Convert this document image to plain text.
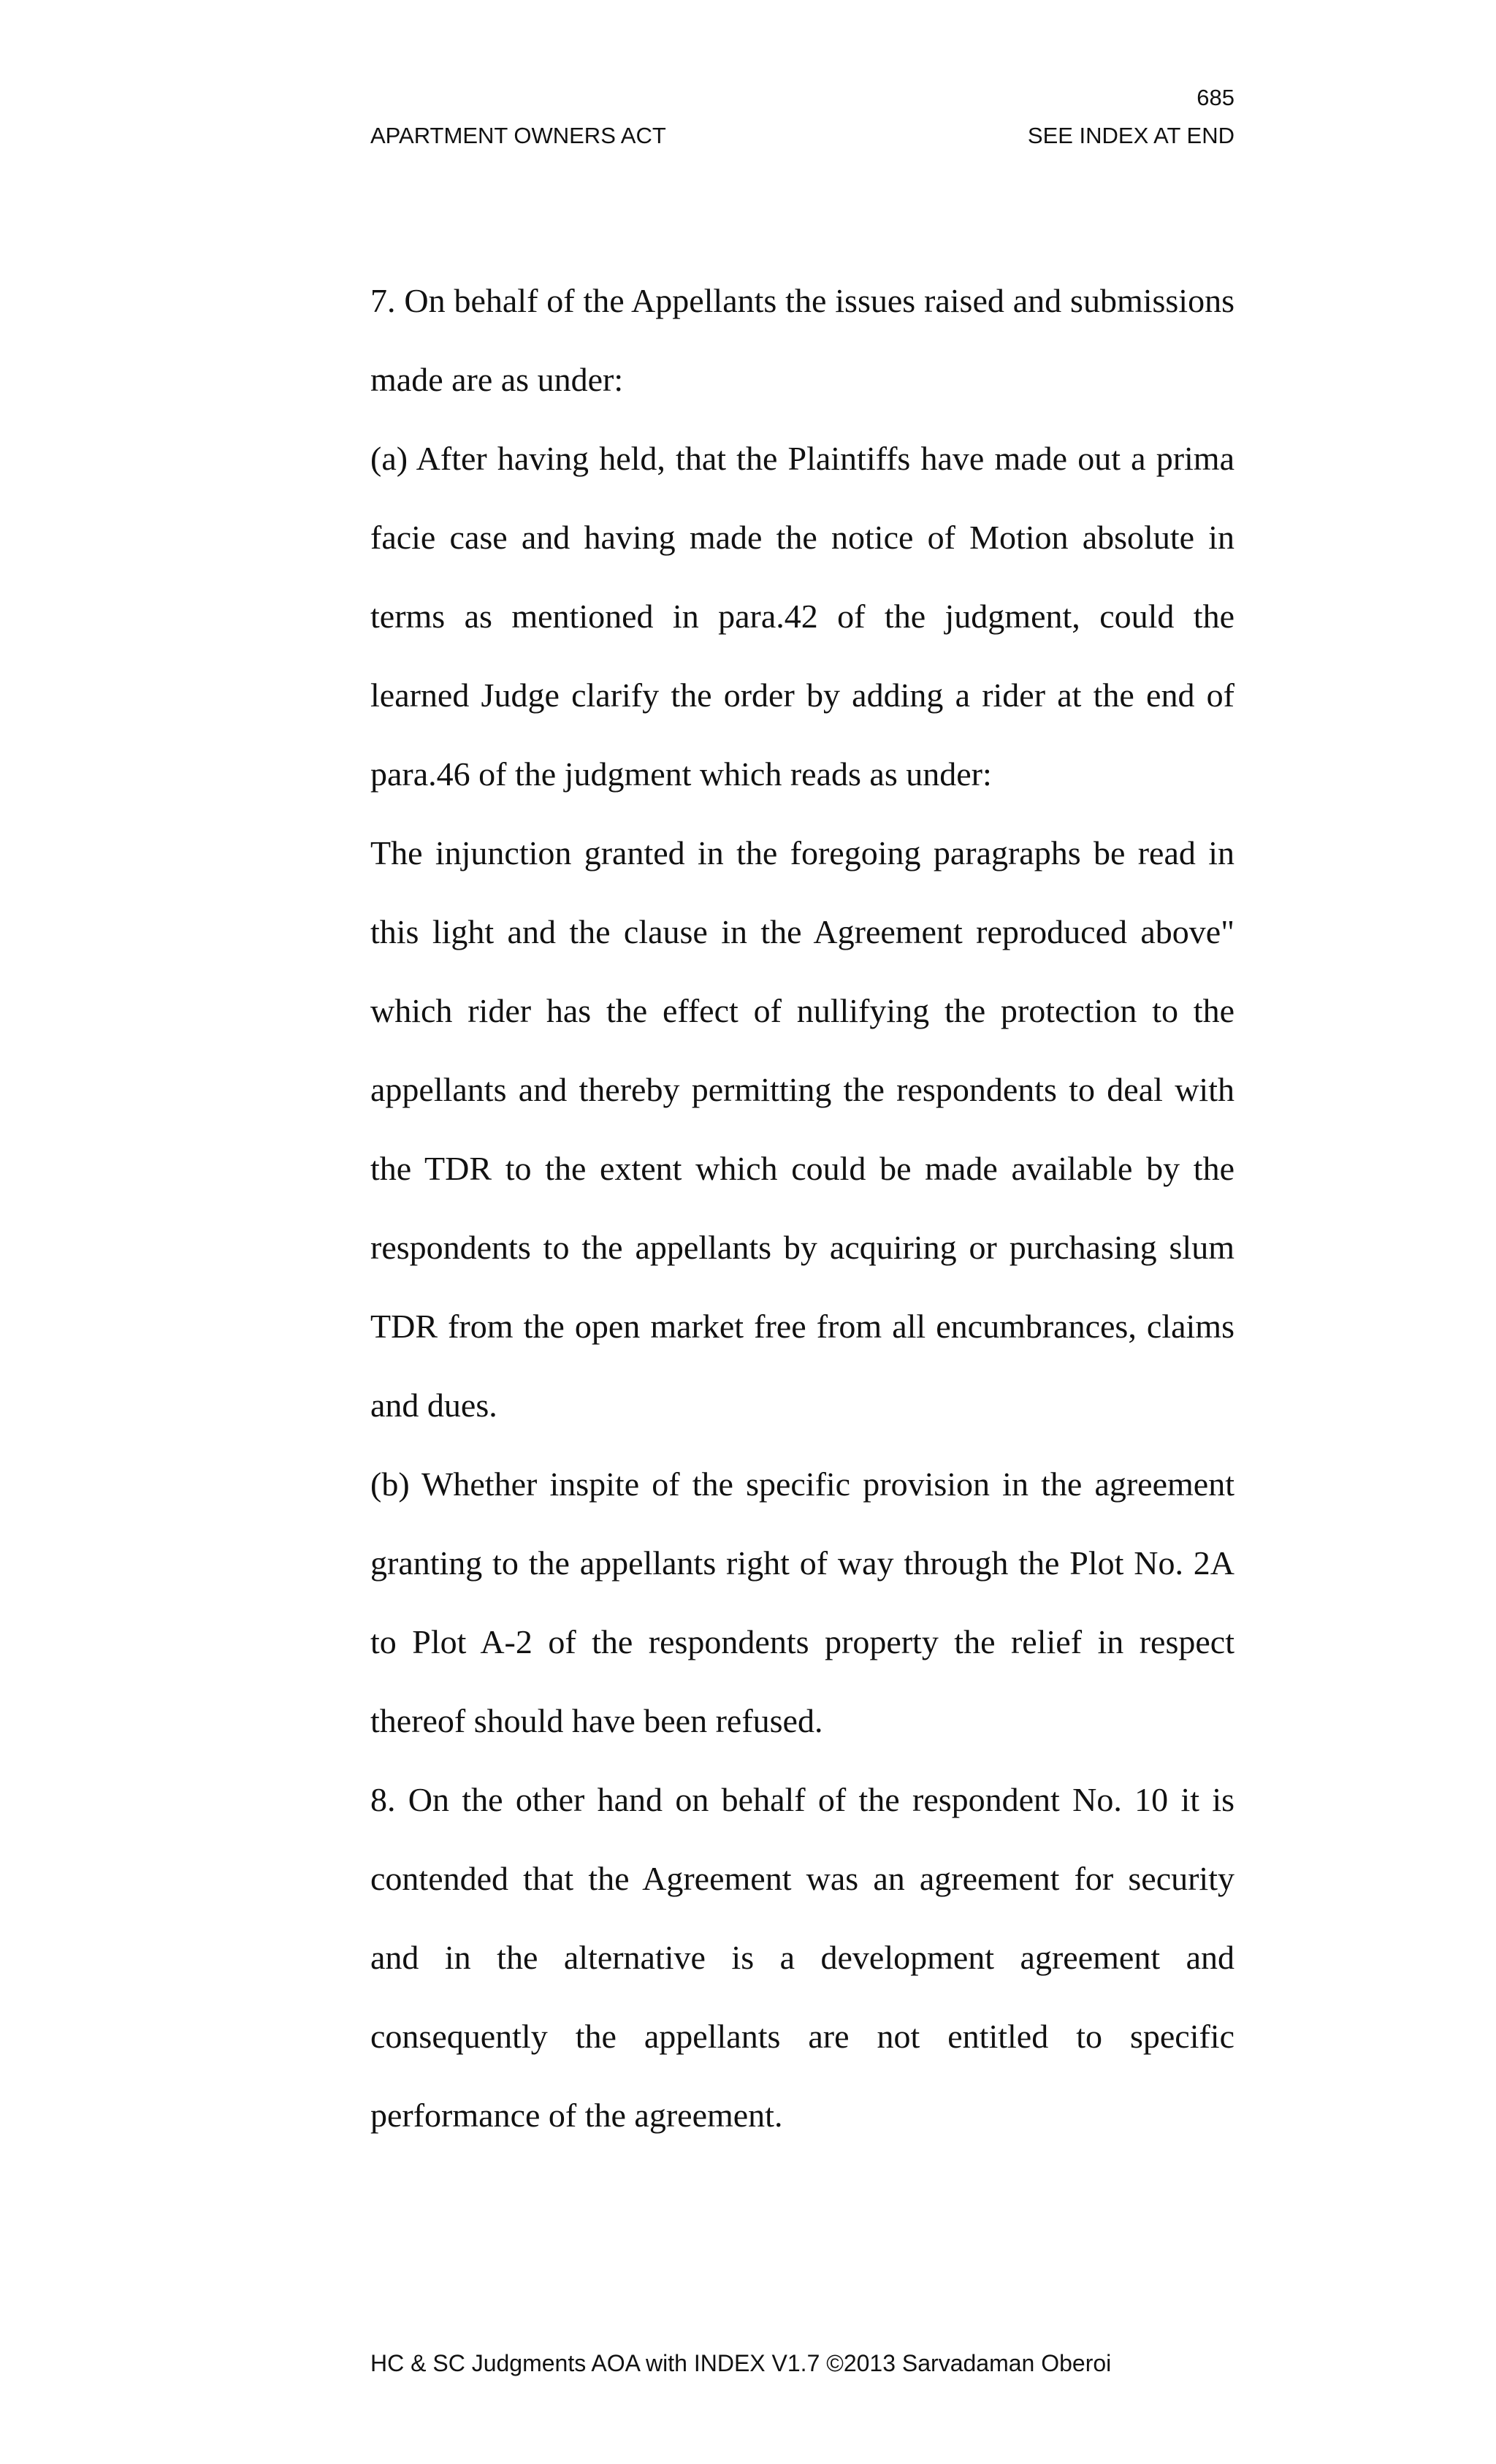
685
APARTMENT OWNERS ACT	SEE INDEX AT END

7. On behalf of the Appellants the issues raised and submissions made are as under:

(a) After having held, that the Plaintiffs have made out a prima facie case and having made the notice of Motion absolute in terms as mentioned in para.42 of the judgment, could the learned Judge clarify the order by adding a rider at the end of para.46 of the judgment which reads as under:

The injunction granted in the foregoing paragraphs be read in this light and the clause in the Agreement reproduced above" which rider has the effect of nullifying the protection to the appellants and thereby permitting the respondents to deal with the TDR to the extent which could be made available by the respondents to the appellants by acquiring or purchasing slum TDR from the open market free from all encumbrances, claims and dues.

(b) Whether inspite of the specific provision in the agreement granting to the appellants right of way through the Plot No. 2A to Plot A-2 of the respondents property the relief in respect thereof should have been refused.

8. On the other hand on behalf of the respondent No. 10 it is contended that the Agreement was an agreement for security and in the alternative is a development agreement and consequently the appellants are not entitled to specific performance of the agreement.

HC & SC Judgments AOA with INDEX V1.7 ©2013 Sarvadaman Oberoi
